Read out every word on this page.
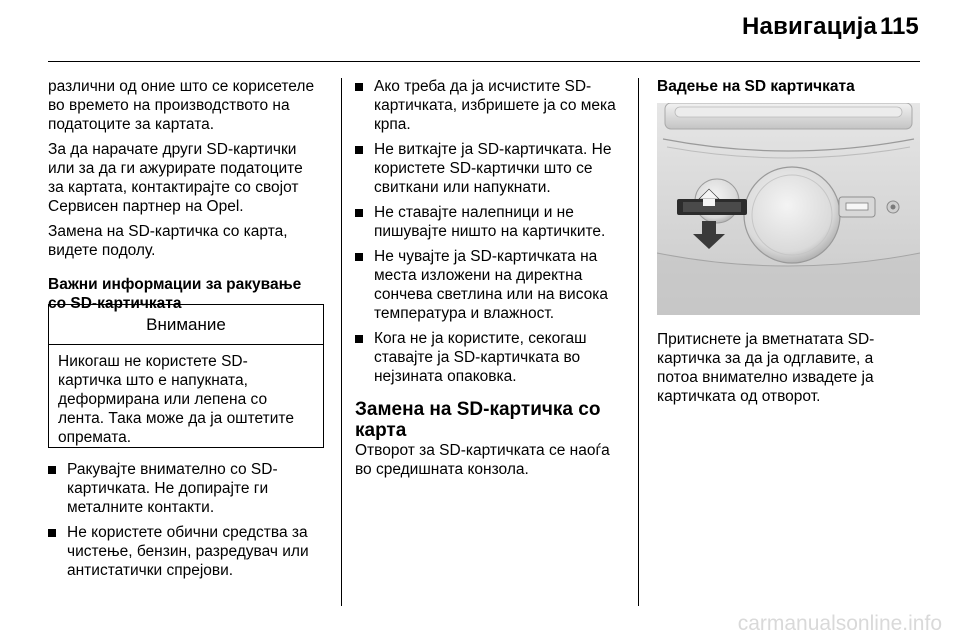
Навигација 115

различни од оние што се корисетеле
во времето на производството на
податоците за картата.

За да нарачате други SD-картички
или за да ги ажурирате податоците
за картата, контактирајте со својот
Сервисен партнер на Opel.

Замена на SD-картичка со карта,
видете подолу.

Важни информации за ракување
со SD-картичката
Внимание
Никогаш не користете SD-
картичка што е напукната,
деформирана или лепена со
лента. Така може да ја оштетите
опремата.
Ракувајте внимателно со SD-
картичката. Не допирајте ги
металните контакти.
Не користете обични средства за
чистење, бензин, разредувач или
антистатички спрејови.
Ако треба да ја исчистите SD-
картичката, избришете ја со мека
крпа.
Не виткајте ја SD-картичката. Не
користете SD-картички што се
свиткани или напукнати.
Не ставајте налепници и не
пишувајте ништо на картичките.
Не чувајте ја SD-картичката на
места изложени на директна
сончева светлина или на висока
температура и влажност.
Кога не ја користите, секогаш
ставајте ја SD-картичката во
нејзината опаковка.
Замена на SD-картичка со
карта

Отворот за SD-картичката се наоѓа
во средишната конзола.

Вадење на SD картичката

Притиснете ја вметнатата SD-
картичка за да ја одглавите, а
потоа внимателно извадете ја
картичката од отворот.

carmanualsonline.info
